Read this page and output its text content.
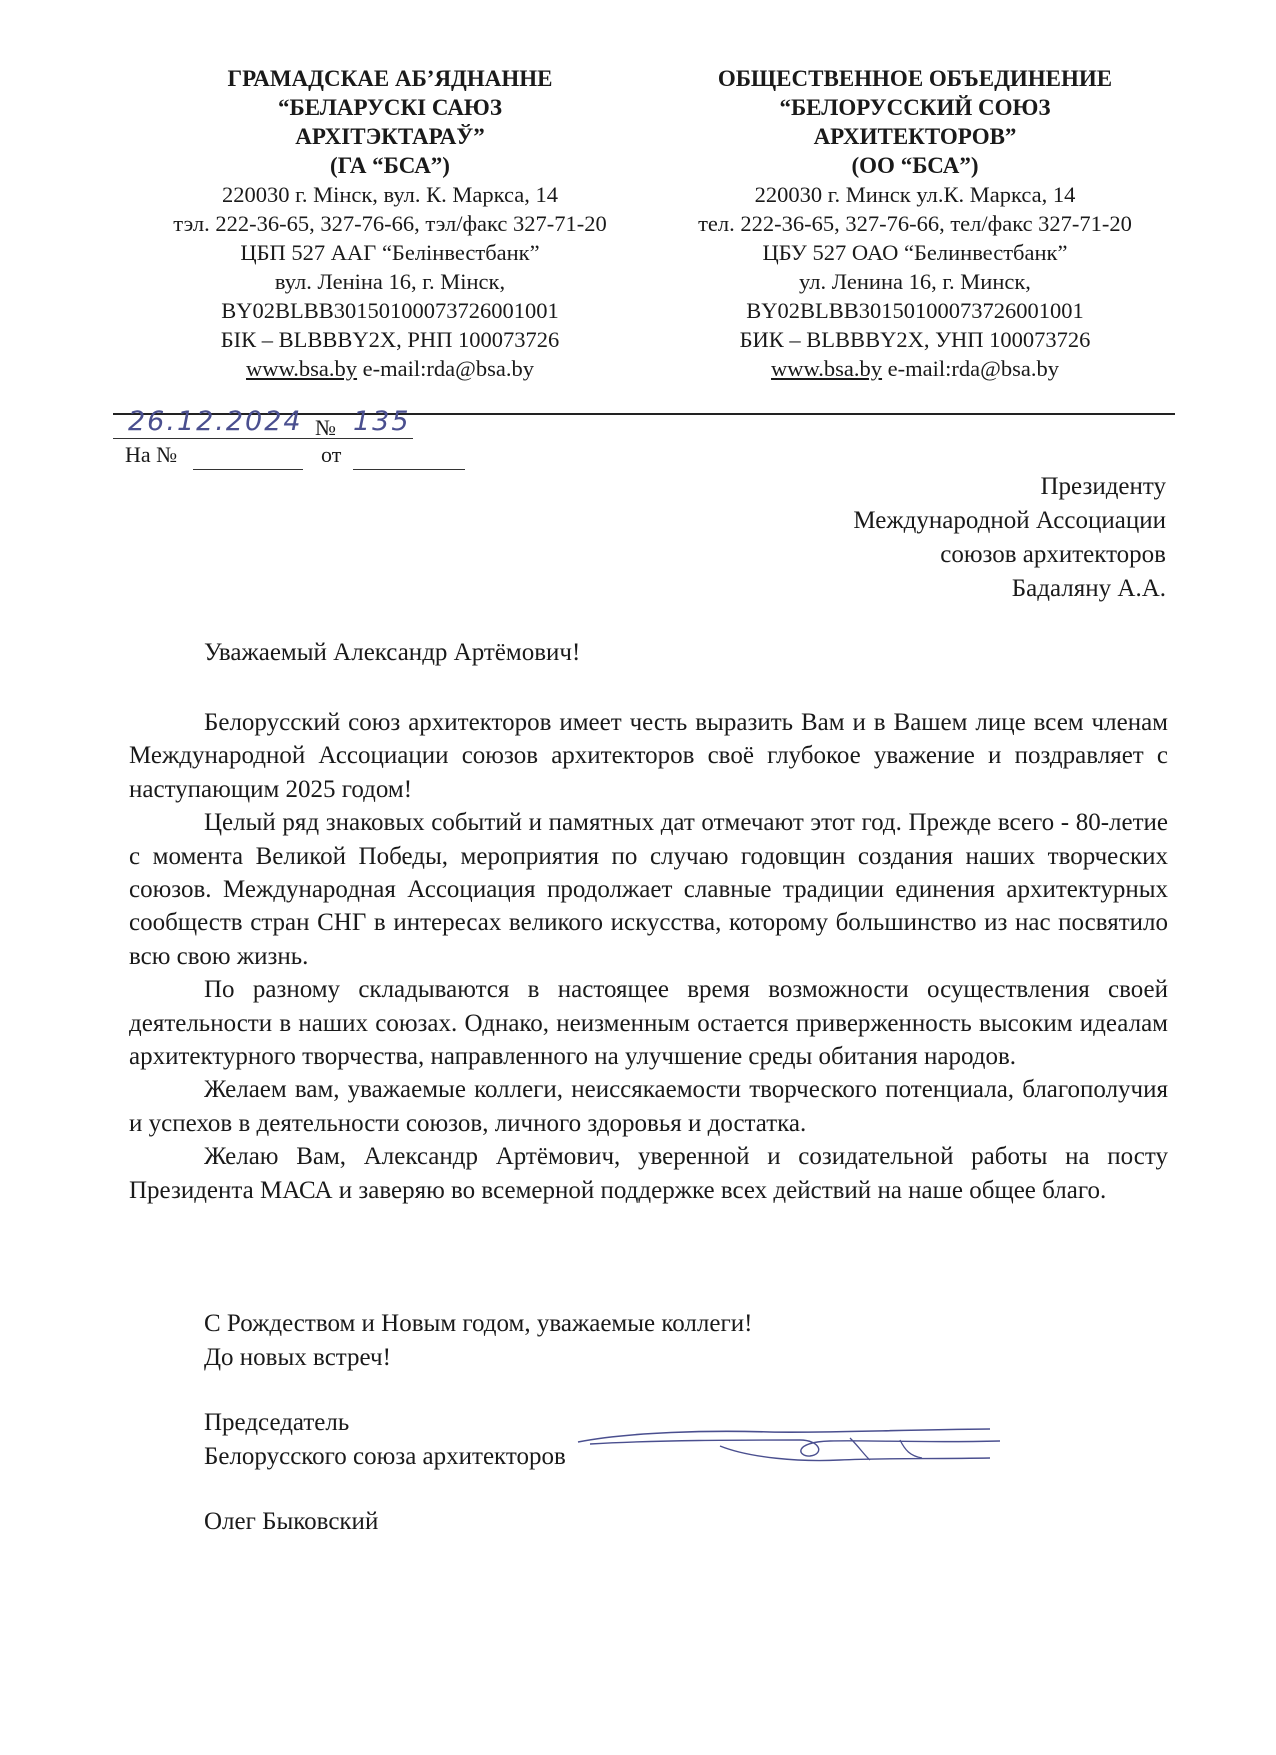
ГРАМАДСКАЕ АБ’ЯДНАННЕ
“БЕЛАРУСКІ САЮЗ
АРХІТЭКТАРАЎ”
(ГА “БСА”)
220030 г. Мінск, вул. К. Маркса, 14
тэл. 222-36-65, 327-76-66, тэл/факс 327-71-20
ЦБП 527 ААГ “Белінвестбанк”
вул. Леніна 16, г. Мінск,
BY02BLBB30150100073726001001
БІК – BLBBBY2X, РНП 100073726
www.bsa.by e-mail:rda@bsa.by
ОБЩЕСТВЕННОЕ ОБЪЕДИНЕНИЕ
“БЕЛОРУССКИЙ СОЮЗ
АРХИТЕКТОРОВ”
(ОО “БСА”)
220030 г. Минск ул.К. Маркса, 14
тел. 222-36-65, 327-76-66, тел/факс 327-71-20
ЦБУ 527 ОАО “Белинвестбанк”
ул. Ленина 16, г. Минск,
BY02BLBB30150100073726001001
БИК – BLBBBY2X, УНП 100073726
www.bsa.by e-mail:rda@bsa.by
26.12.2024 № 135
На №	от
Президенту
Международной Ассоциации
союзов архитекторов
Бадаляну А.А.
Уважаемый Александр Артёмович!

Белорусский союз архитекторов имеет честь выразить Вам и в Вашем лице всем членам Международной Ассоциации союзов архитекторов своё глубокое уважение и поздравляет с наступающим 2025 годом!

Целый ряд знаковых событий и памятных дат отмечают этот год. Прежде всего - 80-летие с момента Великой Победы, мероприятия по случаю годовщин создания наших творческих союзов. Международная Ассоциация продолжает славные традиции единения архитектурных сообществ стран СНГ в интересах великого искусства, которому большинство из нас посвятило всю свою жизнь.

По разному складываются в настоящее время возможности осуществления своей деятельности в наших союзах. Однако, неизменным остается приверженность высоким идеалам архитектурного творчества, направленного на улучшение среды обитания народов.

Желаем вам, уважаемые коллеги, неиссякаемости творческого потенциала, благополучия и успехов в деятельности союзов, личного здоровья и достатка.

Желаю Вам, Александр Артёмович, уверенной и созидательной работы на посту Президента МАСА и заверяю во всемерной поддержке всех действий на наше общее благо.

С Рождеством и Новым годом, уважаемые коллеги!
До новых встреч!
Председатель
Белорусского союза архитекторов
Олег Быковский
